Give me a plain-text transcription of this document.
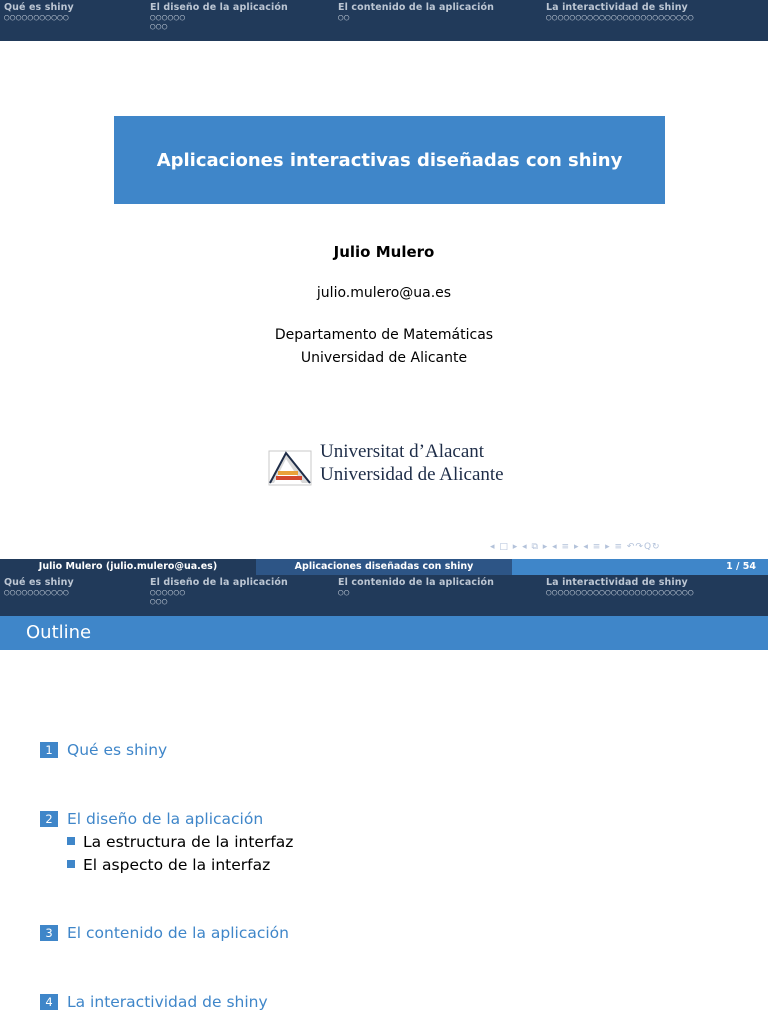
Qué es shiny
○○○○○○○○○○○
El diseño de la aplicación
○○○○○○
○○○
El contenido de la aplicación
○○
La interactividad de shiny
○○○○○○○○○○○○○○○○○○○○○○○○○
Aplicaciones interactivas diseñadas con shiny
Julio Mulero
julio.mulero@ua.es
Departamento de Matemáticas
Universidad de Alicante
Universitat d’Alacant
Universidad de Alicante
◂ □ ▸ ◂ ⧉ ▸ ◂ ≡ ▸ ◂ ≡ ▸ ≡ ↶↷Q↻
Julio Mulero (julio.mulero@ua.es)	Aplicaciones diseñadas con shiny	1 / 54
Qué es shiny
○○○○○○○○○○○
El diseño de la aplicación
○○○○○○
○○○
El contenido de la aplicación
○○
La interactividad de shiny
○○○○○○○○○○○○○○○○○○○○○○○○○
Outline
1 Qué es shiny
2 El diseño de la aplicación
La estructura de la interfaz
El aspecto de la interfaz
3 El contenido de la aplicación
4 La interactividad de shiny
